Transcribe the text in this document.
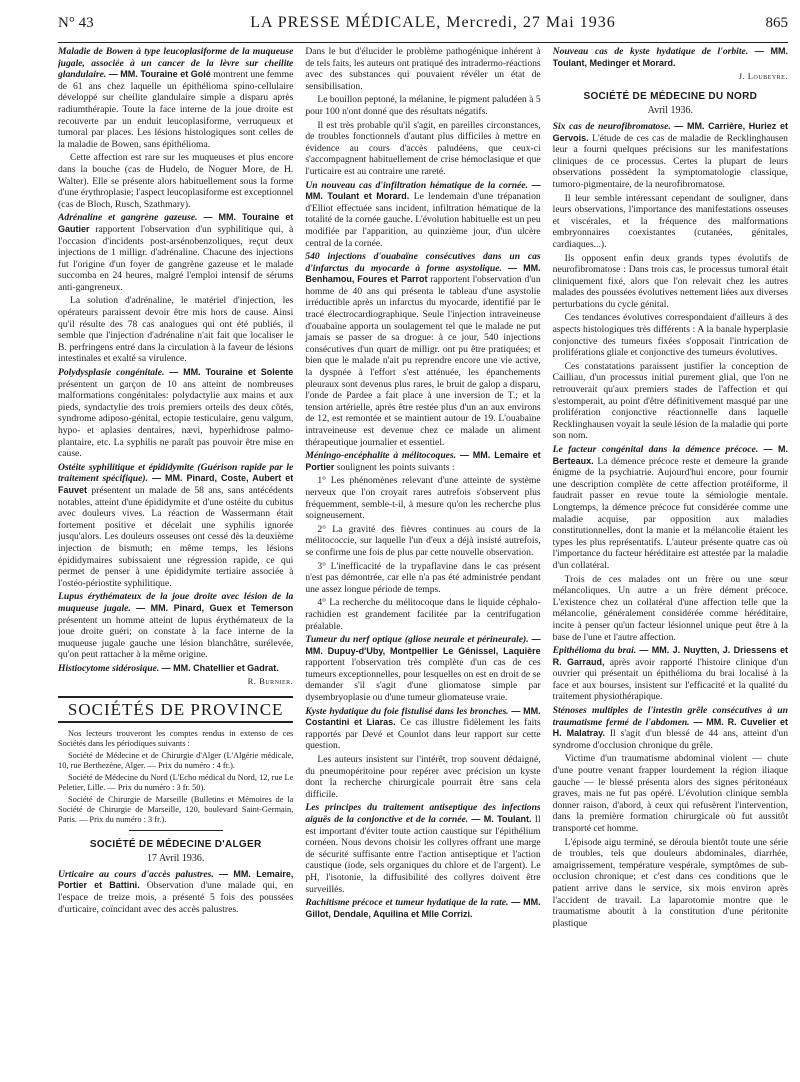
N° 43	LA PRESSE MÉDICALE, Mercredi, 27 Mai 1936	865

Maladie de Bowen à type leucoplasiforme de la muqueuse jugale, associée à un cancer de la lèvre sur cheilite glandulaire. — MM. Touraine et Golé montrent une femme de 61 ans chez laquelle un épithélioma spino-cellulaire développé sur cheilite glandulaire simple a disparu après radiumthérapie. Toute la face interne de la joue droite est recouverte par un enduit leucoplasiforme, verruqueux et tumoral par places. Les lésions histologiques sont celles de la maladie de Bowen, sans épithélioma.

Cette affection est rare sur les muqueuses et plus encore dans la bouche (cas de Hudelo, de Noguer More, de H. Walter). Elle se présente alors habituellement sous la forme d'une érythroplasie; l'aspect leucoplasiforme est exceptionnel (cas de Bloch, Rusch, Szathmary).

Adrénaline et gangrène gazeuse. — MM. Touraine et Gautier rapportent l'observation d'un syphilitique qui, à l'occasion d'incidents post-arsénobenzoliques, reçut deux injections de 1 milligr. d'adrénaline. Chacune des injections fut l'origine d'un foyer de gangrène gazeuse et le malade succomba en 24 heures, malgré l'emploi intensif de sérums anti-gangreneux.

La solution d'adrénaline, le matériel d'injection, les opérateurs paraissent devoir être mis hors de cause. Ainsi qu'il résulte des 78 cas analogues qui ont été publiés, il semble que l'injection d'adrénaline n'ait fait que localiser le B. perfringens entré dans la circulation à la faveur de lésions intestinales et exalté sa virulence.

Polydysplasie congénitale. — MM. Touraine et Solente présentent un garçon de 10 ans atteint de nombreuses malformations congénitales: polydactylie aux mains et aux pieds, syndactylie des trois premiers orteils des deux côtés, syndrome adiposo-génital, ectopie testiculaire, genu valgum, hypo- et aplasies dentaires, nævi, hyperhidrose palmo-plantaire, etc. La syphilis ne paraît pas pouvoir être mise en cause.

Ostéite syphilitique et épididymite (Guérison rapide par le traitement spécifique). — MM. Pinard, Coste, Aubert et Fauvet présentent un malade de 58 ans, sans antécédents notables, atteint d'une épididymite et d'une ostéite du cubitus avec douleurs vives. La réaction de Wassermann était fortement positive et décelait une syphilis ignorée jusqu'alors. Les douleurs osseuses ont cessé dès la deuxième injection de bismuth; en même temps, les lésions épididymaires subissaient une régression rapide, ce qui permet de penser à une épididymite tertiaire associée à l'ostéo-périostite syphilitique.

Lupus érythémateux de la joue droite avec lésion de la muqueuse jugale. — MM. Pinard, Guex et Temerson présentent un homme atteint de lupus érythémateux de la joue droite guéri; on constate à la face interne de la muqueuse jugale gauche une lésion blanchâtre, surélevée, qu'on peut rattacher à la même origine.

Histiocytome sidérosique. — MM. Chatellier et Gadrat.

R. Burnier.

SOCIÉTÉS DE PROVINCE

Nos lecteurs trouveront les comptes rendus in extenso de ces Sociétés dans les périodiques suivants :

Société de Médecine et de Chirurgie d'Alger (L'Algérie médicale, 10, rue Berthezène, Alger. — Prix du numéro : 4 fr.).

Société de Médecine du Nord (L'Echo médical du Nord, 12, rue Le Peletier, Lille. — Prix du numéro : 3 fr. 50).

Société de Chirurgie de Marseille (Bulletins et Mémoires de la Société de Chirurgie de Marseille, 120, boulevard Saint-Germain, Paris. — Prix du numéro : 3 fr.).

SOCIÉTÉ DE MÉDECINE D'ALGER
17 Avril 1936.

Urticaire au cours d'accès palustres. — MM. Lemaire, Portier et Battini. Observation d'une malade qui, en l'espace de treize mois, a présenté 5 fois des poussées d'urticaire, coïncidant avec des accès palustres.

Dans le but d'élucider le problème pathogénique inhérent à de tels faits, les auteurs ont pratiqué des intradermo-réactions avec des substances qui pouvaient révéler un état de sensibilisation.

Le bouillon peptoné, la mélanine, le pigment paludéen à 5 pour 100 n'ont donné que des résultats négatifs.

Il est très probable qu'il s'agit, en pareilles circonstances, de troubles fonctionnels d'autant plus difficiles à mettre en évidence au cours d'accès paludéens, que ceux-ci s'accompagnent habituellement de crise hémoclasique et que l'urticaire est au contraire une rareté.

Un nouveau cas d'infiltration hématique de la cornée. — MM. Toulant et Morard. Le lendemain d'une trépanation d'Elliot effectuée sans incident, infiltration hématique de la totalité de la cornée gauche. L'évolution habituelle est un peu modifiée par l'apparition, au quinzième jour, d'un ulcère central de la cornée.

540 injections d'ouabaïne consécutives dans un cas d'infarctus du myocarde à forme asystolique. — MM. Benhamou, Foures et Parrot rapportent l'observation d'un homme de 40 ans qui présenta le tableau d'une asystolie irréductible après un infarctus du myocarde, identifié par le tracé électrocardiographique. Seule l'injection intraveineuse d'ouabaïne apporta un soulagement tel que le malade ne put jamais se passer de sa drogue: à ce jour, 540 injections consécutives d'un quart de milligr. ont pu être pratiquées; et bien que le malade n'ait pu reprendre encore une vie active, la dyspnée à l'effort s'est atténuée, les épanchements pleuraux sont devenus plus rares, le bruit de galop a disparu, l'onde de Pardee a fait place à une inversion de T.; et la tension artérielle, après être restée plus d'un an aux environs de 12, est remontée et se maintient autour de 19. L'ouabaïne intraveineuse est devenue chez ce malade un aliment thérapeutique journalier et essentiel.

Méningo-encéphalite à mélitocoques. — MM. Lemaire et Portier soulignent les points suivants :

1° Les phénomènes relevant d'une atteinte de système nerveux que l'on croyait rares autrefois s'observent plus fréquemment, semble-t-il, à mesure qu'on les recherche plus soigneusement.

2° La gravité des fièvres continues au cours de la mélitococcie, sur laquelle l'un d'eux a déjà insisté autrefois, se confirme une fois de plus par cette nouvelle observation.

3° L'inefficacité de la trypaflavine dans le cas présent n'est pas démontrée, car elle n'a pas été administrée pendant une assez longue période de temps.

4° La recherche du mélitocoque dans le liquide céphalo-rachidien est grandement facilitée par la centrifugation préalable.

Tumeur du nerf optique (gliose neurale et périneurale). — MM. Dupuy-d'Uby, Montpellier Le Génissel, Laquière rapportent l'observation très complète d'un cas de ces tumeurs exceptionnelles, pour lesquelles on est en droit de se demander s'il s'agit d'une gliomatose simple par dysembryoplasie ou d'une tumeur gliomateuse vraie.

Kyste hydatique du foie fistulisé dans les bronches. — MM. Costantini et Liaras. Ce cas illustre fidèlement les faits rapportés par Devé et Counlot dans leur rapport sur cette question.

Les auteurs insistent sur l'intérêt, trop souvent dédaigné, du pneumopéritoine pour repérer avec précision un kyste dont la recherche chirurgicale pourrait être sans cela difficile.

Les principes du traitement antiseptique des infections aiguës de la conjonctive et de la cornée. — M. Toulant. Il est important d'éviter toute action caustique sur l'épithélium cornéen. Nous devons choisir les collyres offrant une marge de sécurité suffisante entre l'action antiseptique et l'action caustique (iode, sels organiques du chlore et de l'argent). Le pH, l'isotonie, la diffusibilité des collyres doivent être surveillés.

Rachitisme précoce et tumeur hydatique de la rate. — MM. Gillot, Dendale, Aquilina et Mlle Corrizi.

Nouveau cas de kyste hydatique de l'orbite. — MM. Toulant, Medinger et Morard.

J. Loubeyre.

SOCIÉTÉ DE MÉDECINE DU NORD
Avril 1936.

Six cas de neurofibromatose. — MM. Carrière, Huriez et Gervois. L'étude de ces cas de maladie de Recklinghausen leur a fourni quelques précisions sur les manifestations cliniques de ce processus. Certes la plupart de leurs observations possèdent la symptomatologie classique, tumoro-pigmentaire, de la neurofibromatose.

Il leur semble intéressant cependant de souligner, dans leurs observations, l'importance des manifestations osseuses et viscérales, et la fréquence des malformations embryonnaires coexistantes (cutanées, génitales, cardiaques...).

Ils opposent enfin deux grands types évolutifs de neurofibromatose : Dans trois cas, le processus tumoral était cliniquement fixé, alors que l'on relevait chez les autres malades des poussées évolutives nettement liées aux diverses perturbations du cycle génital.

Ces tendances évolutives correspondaient d'ailleurs à des aspects histologiques très différents : A la banale hyperplasie conjonctive des tumeurs fixées s'opposait l'intrication de proliférations gliale et conjonctive des tumeurs évolutives.

Ces constatations paraissent justifier la conception de Cailliau, d'un processus initial purement glial, que l'on ne retrouverait qu'aux premiers stades de l'affection et qui s'estomperait, au point d'être définitivement masqué par une prolifération conjonctive réactionnelle dans laquelle Recklinghausen voyait la seule lésion de la maladie qui porte son nom.

Le facteur congénital dans la démence précoce. — M. Berteaux. La démence précoce reste et demeure la grande énigme de la psychiatrie. Aujourd'hui encore, pour fournir une description complète de cette affection protéiforme, il faudrait passer en revue toute la sémiologie mentale. Longtemps, la démence précoce fut considérée comme une maladie acquise, par opposition aux maladies constitutionnelles, dont la manie et la mélancolie étaient les types les plus représentatifs. L'auteur présente quatre cas où l'importance du facteur héréditaire est attestée par la maladie d'un collatéral.

Trois de ces malades ont un frère ou une sœur mélancoliques. Un autre a un frère dément précoce. L'existence chez un collatéral d'une affection telle que la mélancolie, généralement considérée comme héréditaire, incite à penser qu'un facteur lésionnel unique peut être à la base de l'une et l'autre affection.

Epithélioma du brai. — MM. J. Nuytten, J. Driessens et R. Garraud, après avoir rapporté l'histoire clinique d'un ouvrier qui présentait un épithélioma du brai localisé à la face et aux bourses, insistent sur l'efficacité et la qualité du traitement physiothérapique.

Sténoses multiples de l'intestin grêle consécutives à un traumatisme fermé de l'abdomen. — MM. R. Cuvelier et H. Malatray. Il s'agit d'un blessé de 44 ans, atteint d'un syndrome d'occlusion chronique du grêle.

Victime d'un traumatisme abdominal violent — chute d'une poutre venant frapper lourdement la région iliaque gauche — le blessé présenta alors des signes péritonéaux graves, mais ne fut pas opéré. L'évolution clinique sembla donner raison, d'abord, à ceux qui refusèrent l'intervention, dans la première formation chirurgicale où fut aussitôt transporté cet homme.

L'épisode aigu terminé, se déroula bientôt toute une série de troubles, tels que douleurs abdominales, diarrhée, amaigrissement, température vespérale, symptômes de sub-occlusion chronique; et c'est dans ces conditions que le patient arrive dans le service, six mois environ après l'accident de travail. La laparotomie montre que le traumatisme aboutit à la constitution d'une péritonite plastique
